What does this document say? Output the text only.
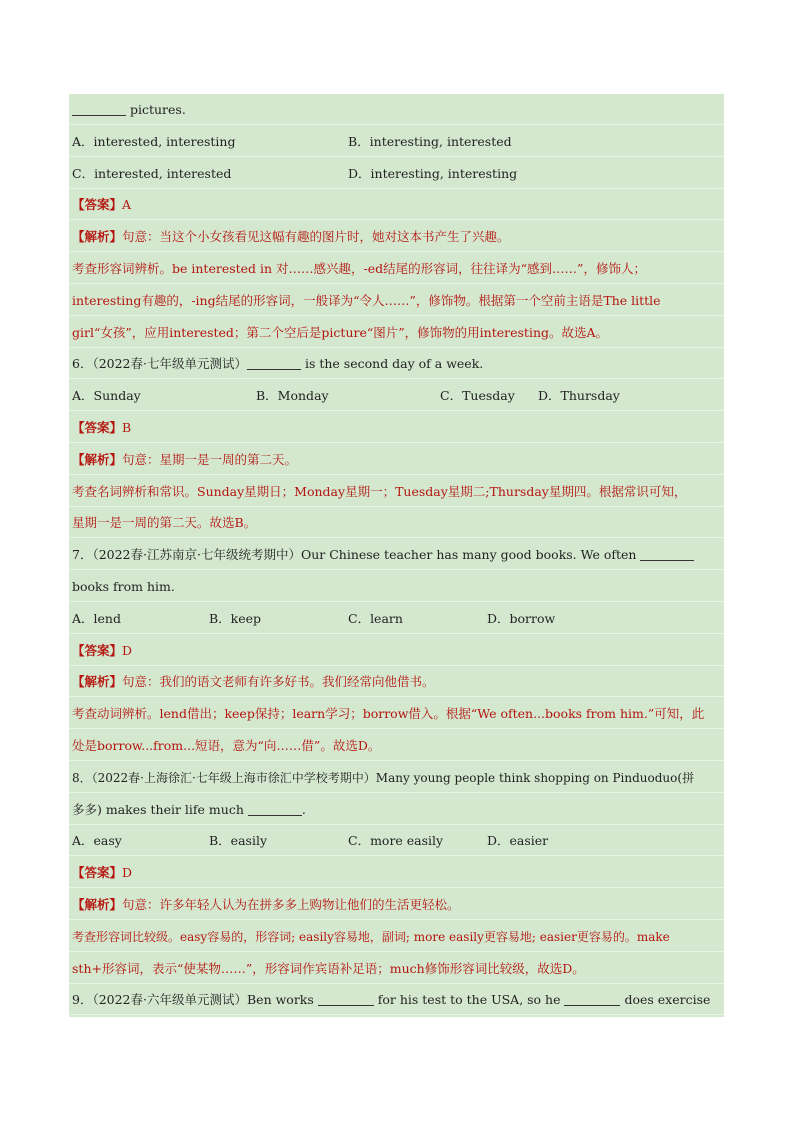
pictures.
A．interested, interesting	B．interesting, interested
C．interested, interested	D．interesting, interesting
【答案】A
【解析】句意：当这个小女孩看见这幅有趣的图片时，她对这本书产生了兴趣。
考查形容词辨析。be interested in 对……感兴趣，-ed结尾的形容词，往往译为“感到……”，修饰人；
interesting有趣的，-ing结尾的形容词，一般译为“令人……”，修饰物。根据第一个空前主语是The little
girl“女孩”，应用interested；第二个空后是picture“图片”，修饰物的用interesting。故选A。
6．（2022春·七年级单元测试）	is the second day of a week.
A．Sunday	B．Monday	C．Tuesday D．Thursday
【答案】B
【解析】句意：星期一是一周的第二天。
考查名词辨析和常识。Sunday星期日；Monday星期一；Tuesday星期二;Thursday星期四。根据常识可知，
星期一是一周的第二天。故选B。
7．（2022春·江苏南京·七年级统考期中）Our Chinese teacher has many good books. We often
books from him.
A．lend	B．keep	C．learn	D．borrow
【答案】D
【解析】句意：我们的语文老师有许多好书。我们经常向他借书。
考查动词辨析。lend借出；keep保持；learn学习；borrow借入。根据“We often...books from him.”可知，此
处是borrow...from...短语，意为“向……借”。故选D。
8．（2022春·上海徐汇·七年级上海市徐汇中学校考期中）Many young people think shopping on Pinduoduo(拼
多多) makes their life much	.
A．easy	B．easily	C．more easily	D．easier
【答案】D
【解析】句意：许多年轻人认为在拼多多上购物让他们的生活更轻松。
考查形容词比较级。easy容易的，形容词; easily容易地，副词; more easily更容易地; easier更容易的。make
sth+形容词，表示“使某物……”，形容词作宾语补足语；much修饰形容词比较级，故选D。
9．（2022春·六年级单元测试）Ben works	for his test to the USA, so he	does exercise
